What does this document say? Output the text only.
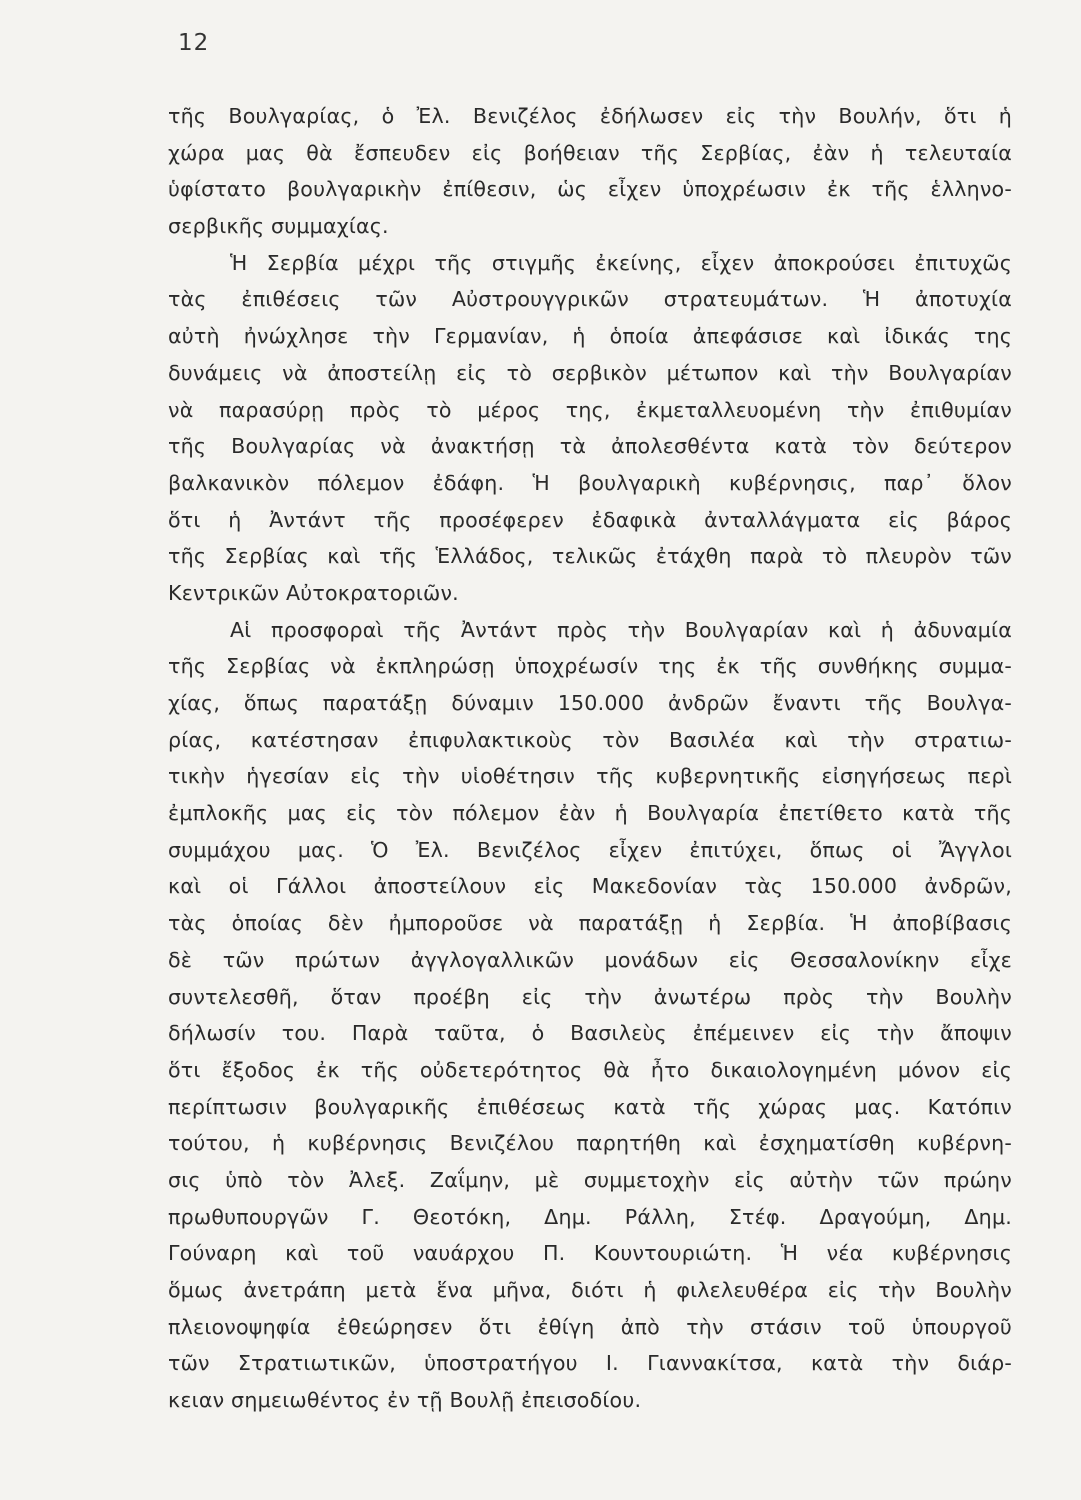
12
τῆς Βουλγαρίας, ὁ Ἐλ. Βενιζέλος ἐδήλωσεν εἰς τὴν Βουλήν, ὅτι ἡ
χώρα μας θὰ ἔσπευδεν εἰς βοήθειαν τῆς Σερβίας, ἐὰν ἡ τελευταία
ὑφίστατο βουλγαρικὴν ἐπίθεσιν, ὡς εἶχεν ὑποχρέωσιν ἐκ τῆς ἑλληνο-
σερβικῆς συμμαχίας.
Ἡ Σερβία μέχρι τῆς στιγμῆς ἐκείνης, εἶχεν ἀποκρούσει ἐπιτυχῶς
τὰς ἐπιθέσεις τῶν Αὐστρουγγρικῶν στρατευμάτων. Ἡ ἀποτυχία
αὐτὴ ἠνώχλησε τὴν Γερμανίαν, ἡ ὁποία ἀπεφάσισε καὶ ἰδικάς της
δυνάμεις νὰ ἀποστείλῃ εἰς τὸ σερβικὸν μέτωπον καὶ τὴν Βουλγαρίαν
νὰ παρασύρῃ πρὸς τὸ μέρος της, ἐκμεταλλευομένη τὴν ἐπιθυμίαν
τῆς Βουλγαρίας νὰ ἀνακτήσῃ τὰ ἀπολεσθέντα κατὰ τὸν δεύτερον
βαλκανικὸν πόλεμον ἐδάφη. Ἡ βουλγαρικὴ κυβέρνησις, παρ᾽ ὅλον
ὅτι ἡ Ἀντάντ τῆς προσέφερεν ἐδαφικὰ ἀνταλλάγματα εἰς βάρος
τῆς Σερβίας καὶ τῆς Ἑλλάδος, τελικῶς ἐτάχθη παρὰ τὸ πλευρὸν τῶν
Κεντρικῶν Αὐτοκρατοριῶν.
Αἱ προσφοραὶ τῆς Ἀντάντ πρὸς τὴν Βουλγαρίαν καὶ ἡ ἀδυναμία
τῆς Σερβίας νὰ ἐκπληρώσῃ ὑποχρέωσίν της ἐκ τῆς συνθήκης συμμα-
χίας, ὅπως παρατάξῃ δύναμιν 150.000 ἀνδρῶν ἔναντι τῆς Βουλγα-
ρίας, κατέστησαν ἐπιφυλακτικοὺς τὸν Βασιλέα καὶ τὴν στρατιω-
τικὴν ἡγεσίαν εἰς τὴν υἱοθέτησιν τῆς κυβερνητικῆς εἰσηγήσεως περὶ
ἐμπλοκῆς μας εἰς τὸν πόλεμον ἐὰν ἡ Βουλγαρία ἐπετίθετο κατὰ τῆς
συμμάχου μας. Ὁ Ἐλ. Βενιζέλος εἶχεν ἐπιτύχει, ὅπως οἱ Ἄγγλοι
καὶ οἱ Γάλλοι ἀποστείλουν εἰς Μακεδονίαν τὰς 150.000 ἀνδρῶν,
τὰς ὁποίας δὲν ἠμποροῦσε νὰ παρατάξῃ ἡ Σερβία. Ἡ ἀποβίβασις
δὲ τῶν πρώτων ἀγγλογαλλικῶν μονάδων εἰς Θεσσαλονίκην εἶχε
συντελεσθῆ, ὅταν προέβη εἰς τὴν ἀνωτέρω πρὸς τὴν Βουλὴν
δήλωσίν του. Παρὰ ταῦτα, ὁ Βασιλεὺς ἐπέμεινεν εἰς τὴν ἄποψιν
ὅτι ἔξοδος ἐκ τῆς οὐδετερότητος θὰ ἦτο δικαιολογημένη μόνον εἰς
περίπτωσιν βουλγαρικῆς ἐπιθέσεως κατὰ τῆς χώρας μας. Κατόπιν
τούτου, ἡ κυβέρνησις Βενιζέλου παρητήθη καὶ ἐσχηματίσθη κυβέρνη-
σις ὑπὸ τὸν Ἀλεξ. Ζαΐμην, μὲ συμμετοχὴν εἰς αὐτὴν τῶν πρώην
πρωθυπουργῶν Γ. Θεοτόκη, Δημ. Ράλλη, Στέφ. Δραγούμη, Δημ.
Γούναρη καὶ τοῦ ναυάρχου Π. Κουντουριώτη. Ἡ νέα κυβέρνησις
ὅμως ἀνετράπη μετὰ ἕνα μῆνα, διότι ἡ φιλελευθέρα εἰς τὴν Βουλὴν
πλειονοψηφία ἐθεώρησεν ὅτι ἐθίγη ἀπὸ τὴν στάσιν τοῦ ὑπουργοῦ
τῶν Στρατιωτικῶν, ὑποστρατήγου Ι. Γιαννακίτσα, κατὰ τὴν διάρ-
κειαν σημειωθέντος ἐν τῇ Βουλῇ ἐπεισοδίου.
